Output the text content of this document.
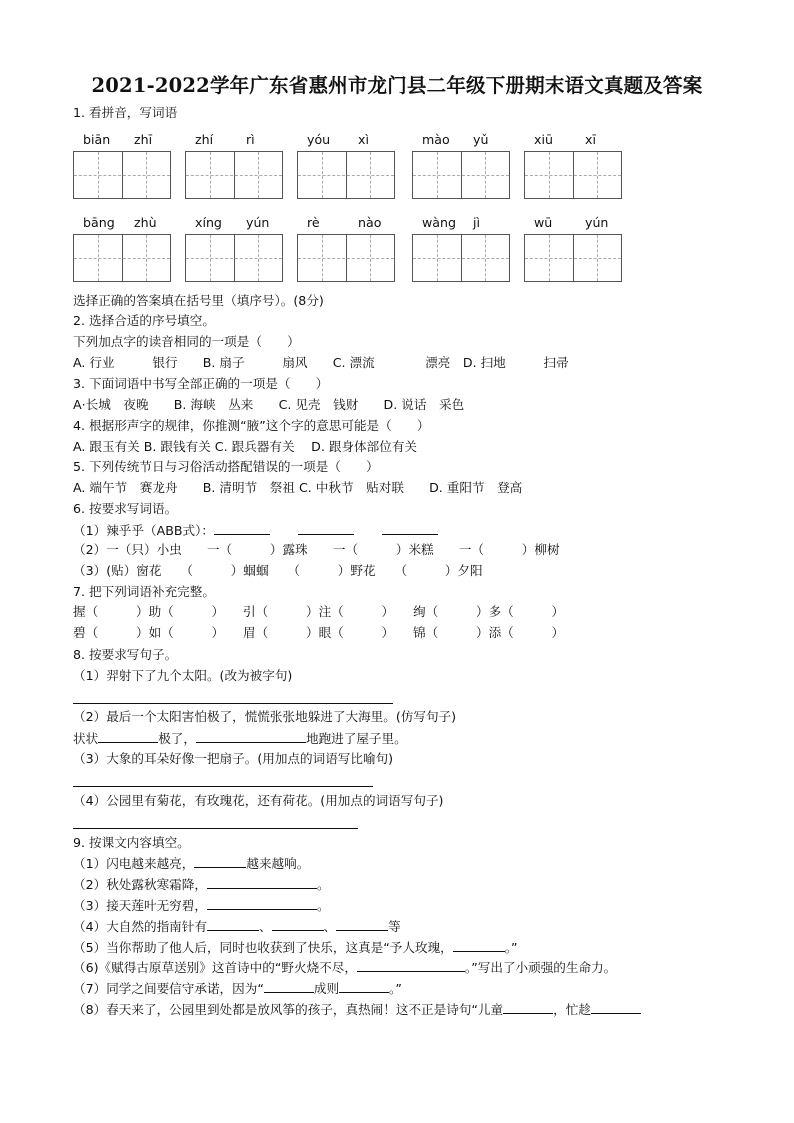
2021-2022学年广东省惠州市龙门县二年级下册期末语文真题及答案
1. 看拼音，写词语
biān zhī	zhí	rì	yóu xì	mào yǔ	xiū	xī
bāng zhù	xíng yún	rè	nào	wàng jì	wū	yún
选择正确的答案填在括号里（填序号）。(8分)
2. 选择合适的序号填空。
下列加点字的读音相同的一项是（　　）
A. 行业　　　银行　　B. 扇子　　　扇风　　C. 漂流　　　　漂亮　D. 扫地　　　扫帚
3. 下面词语中书写全部正确的一项是（　　）
A·长城　夜晚　　B. 海峡　丛来　　C. 见壳　钱财　　D. 说话　采色
4. 根据形声字的规律，你推测“腋”这个字的意思可能是（　　）
A. 跟玉有关 B. 跟钱有关 C. 跟兵器有关　 D. 跟身体部位有关
5. 下列传统节日与习俗活动搭配错误的一项是（　　）
A. 端午节　赛龙舟　　B. 清明节　祭祖 C. 中秋节　贴对联　　D. 重阳节　登高
6. 按要求写词语。
（1）辣乎乎（ABB式）：
（2）一（只）小虫　　一（　　　）露珠　　一（　　　）米糕　　一（　　　）柳树
（3）(贴）窗花　　（　　　）蝈蝈　　（　　　）野花　　（　　　）夕阳
7. 把下列词语补充完整。
握（　　　）助（　　　）　　引（　　　）注（　　　）　　绚（　　　）多（　　　）
碧（　　　）如（　　　）　　眉（　　　）眼（　　　）　　锦（　　　）添（　　　）
8. 按要求写句子。
（1）羿射下了九个太阳。(改为被字句)
（2）最后一个太阳害怕极了，慌慌张张地躲进了大海里。(仿写句子)
状状	极了，	地跑进了屋子里。
（3）大象的耳朵好像一把扇子。(用加点的词语写比喻句)
（4）公园里有菊花，有玫瑰花，还有荷花。(用加点的词语写句子)
9. 按课文内容填空。
（1）闪电越来越亮，	越来越响。
（2）秋处露秋寒霜降，	。
（3）接天莲叶无穷碧，	。
（4）大自然的指南针有	、	、	等
（5）当你帮助了他人后，同时也收获到了快乐，这真是“予人玫瑰，	。”
（6)《赋得古原草送别》这首诗中的“野火烧不尽，	。”写出了小顽强的生命力。
（7）同学之间要信守承诺，因为“	成则	。”
（8）春天来了，公园里到处都是放风筝的孩子，真热闹！这不正是诗句“儿童	，忙趁
